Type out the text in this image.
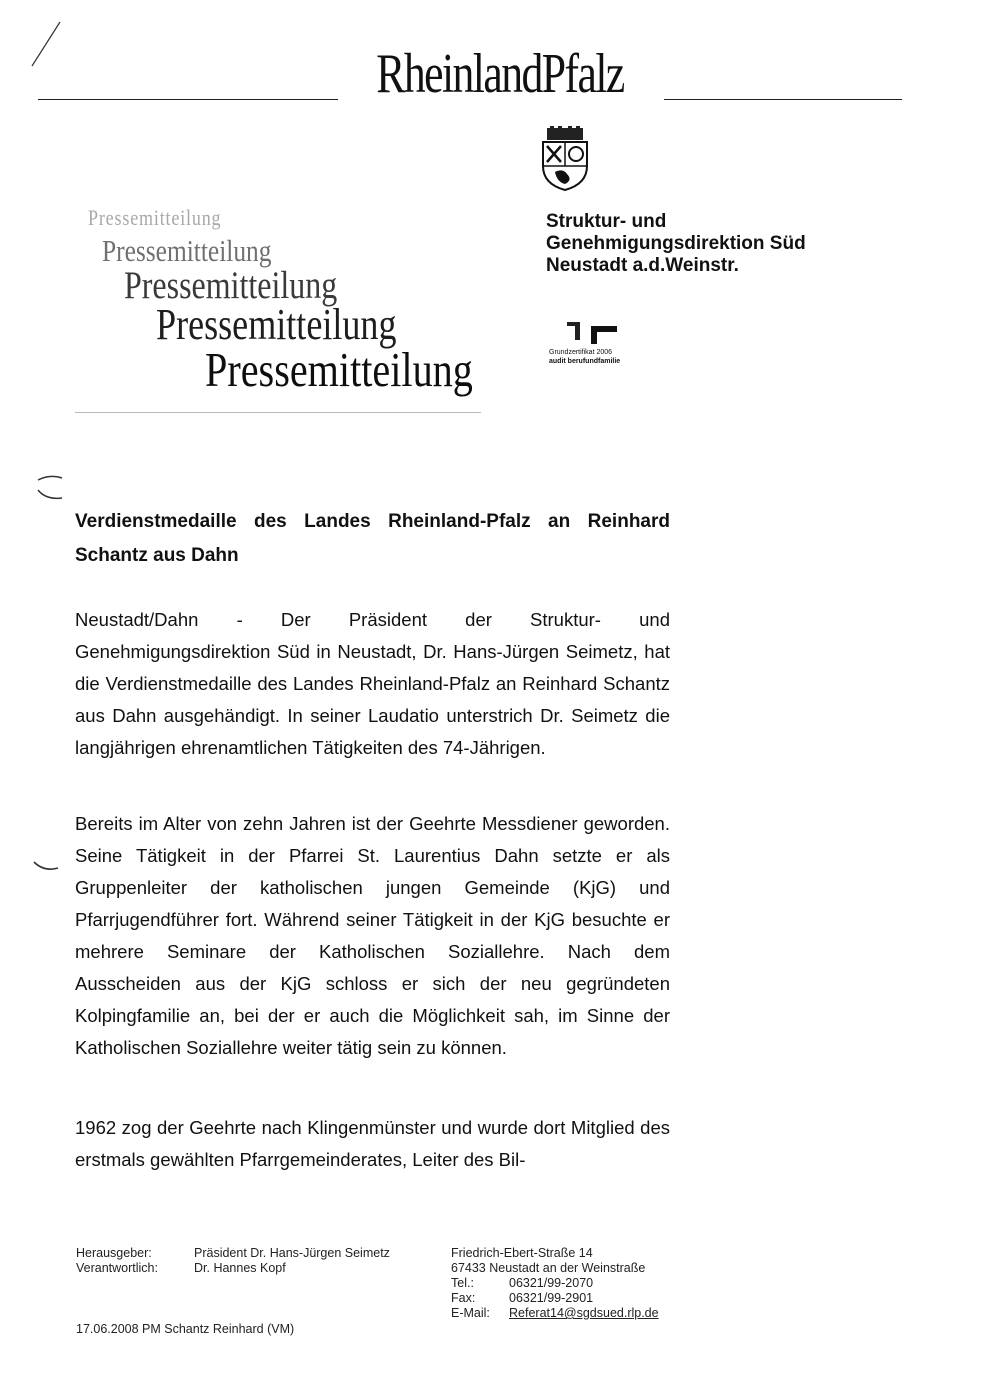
RheinlandPfalz
Pressemitteilung
Pressemitteilung
Pressemitteilung
Pressemitteilung
Pressemitteilung
Struktur- und
Genehmigungsdirektion Süd
Neustadt a.d.Weinstr.
Grundzertifikat 2006
audit berufundfamilie
Verdienstmedaille des Landes Rheinland-Pfalz an Reinhard Schantz aus Dahn
Neustadt/Dahn - Der Präsident der Struktur- und Genehmigungsdirektion Süd in Neustadt, Dr. Hans-Jürgen Seimetz, hat die Verdienstmedaille des Landes Rheinland-Pfalz an Reinhard Schantz aus Dahn ausgehändigt. In seiner Laudatio unterstrich Dr. Seimetz die langjährigen ehrenamtlichen Tätigkeiten des 74-Jährigen.
Bereits im Alter von zehn Jahren ist der Geehrte Messdiener geworden. Seine Tätigkeit in der Pfarrei St. Laurentius Dahn setzte er als Gruppenleiter der katholischen jungen Gemeinde (KjG) und Pfarrjugendführer fort. Während seiner Tätigkeit in der KjG besuchte er mehrere Seminare der Katholischen Soziallehre. Nach dem Ausscheiden aus der KjG schloss er sich der neu gegründeten Kolpingfamilie an, bei der er auch die Möglichkeit sah, im Sinne der Katholischen Soziallehre weiter tätig sein zu können.
1962 zog der Geehrte nach Klingenmünster und wurde dort Mitglied des erstmals gewählten Pfarrgemeinderates, Leiter des Bil-
Herausgeber:	Präsident Dr. Hans-Jürgen Seimetz
Verantwortlich:	Dr. Hannes Kopf
Friedrich-Ebert-Straße 14
67433 Neustadt an der Weinstraße
Tel.:	06321/99-2070
Fax:	06321/99-2901
E-Mail: Referat14@sgdsued.rlp.de
17.06.2008 PM Schantz Reinhard (VM)
